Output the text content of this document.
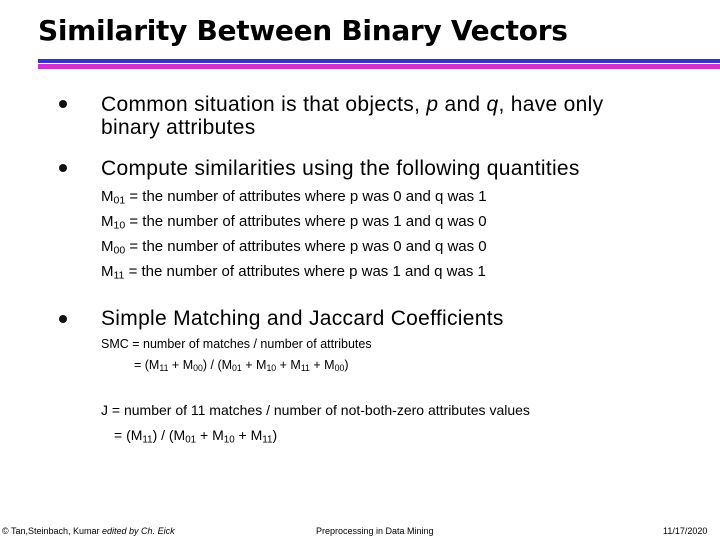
Similarity Between Binary Vectors
Common situation is that objects, p and q, have only
binary attributes
Compute similarities using the following quantities
$M_{01}$ = the number of attributes where p was 0 and q was 1
$M_{10}$ = the number of attributes where p was 1 and q was 0
$M_{00}$ = the number of attributes where p was 0 and q was 0
$M_{11}$ = the number of attributes where p was 1 and q was 1
Simple Matching and Jaccard Coefficients
SMC = number of matches / number of attributes
= $(M_{11} + M_{00}) / (M_{01} + M_{10} + M_{11} + M_{00})$
J = number of 11 matches / number of not-both-zero attributes values
= $(M_{11}) / (M_{01} + M_{10} + M_{11})$
© Tan,Steinbach, Kumar edited by Ch. Eick	Preprocessing in Data Mining	11/17/2020
